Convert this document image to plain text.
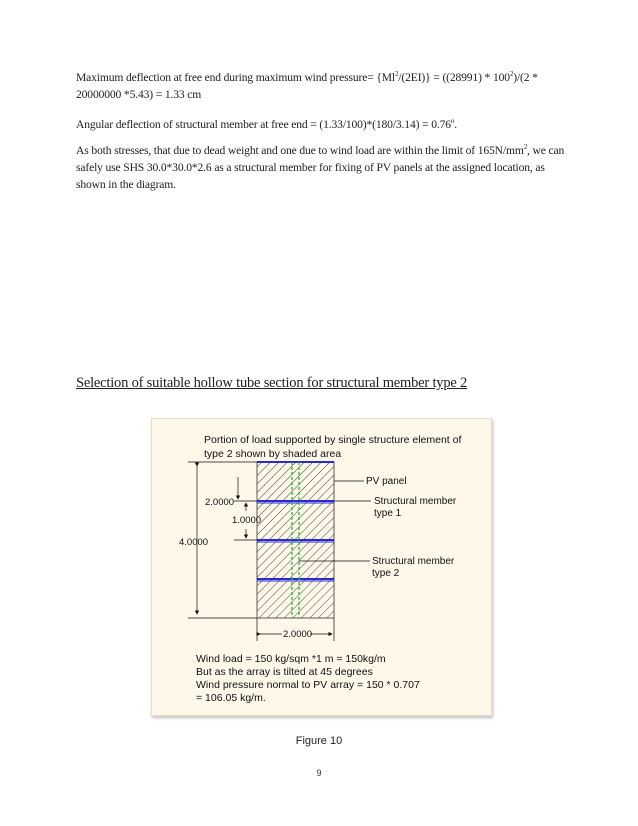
Maximum deflection at free end during maximum wind pressure= $\{Ml^2/(2EI)\} = ((28991) * 100^2)/(2 * 20000000$ *5.43) = 1.33 cm
Angular deflection of structural member at free end = $(1.33/100)*(180/3.14) = 0.76^o$.
As both stresses, that due to dead weight and one due to wind load are within the limit of $165N/mm^2$, we can safely use SHS 30.0*30.0*2.6 as a structural member for fixing of PV panels at the assigned location, as shown in the diagram.
Selection of suitable hollow tube section for structural member type 2
Portion of load supported by single structure element of
type 2 shown by shaded area
4.0000
2.0000
1.0000
2.0000
PV panel
Structural member
type 1
Structural member
type 2
Wind load = 150 kg/sqm *1 m = 150kg/m
But as the array is tilted at 45 degrees
Wind pressure normal to PV array = 150 * 0.707
= 106.05 kg/m.
Figure 10
9
